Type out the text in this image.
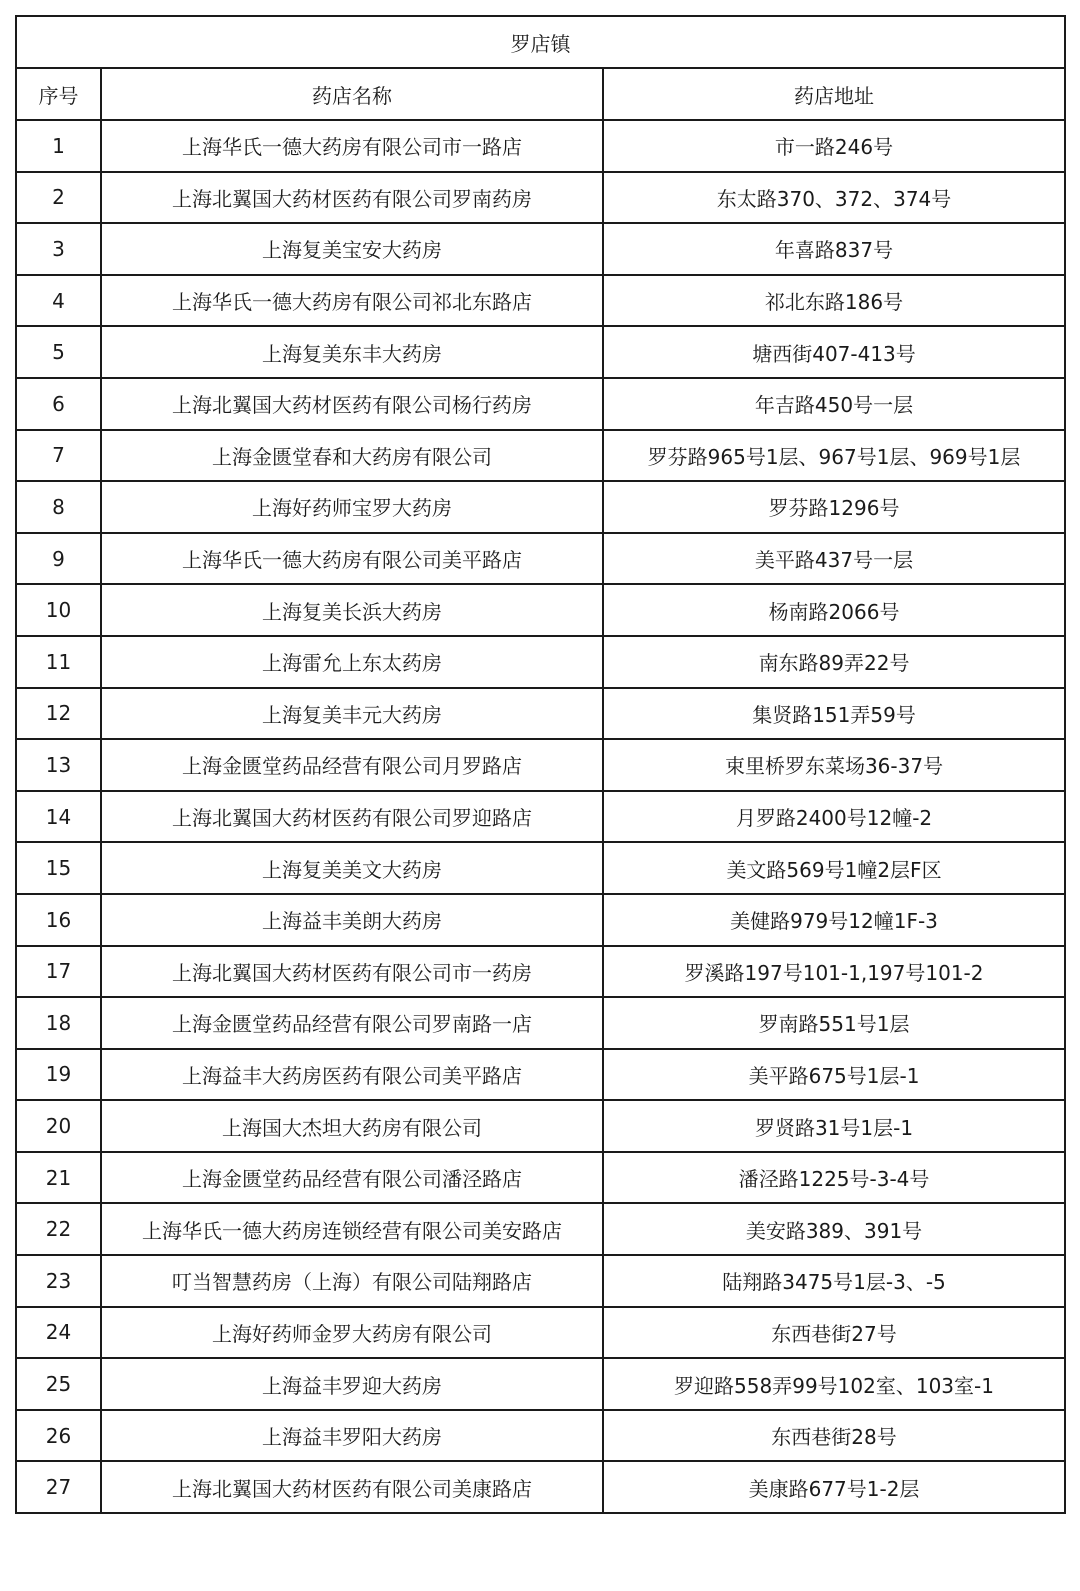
罗店镇		
序号	药店名称	药店地址
1	上海华氏一德大药房有限公司市一路店	市一路246号
2	上海北翼国大药材医药有限公司罗南药房	东太路370、372、374号
3	上海复美宝安大药房	年喜路837号
4	上海华氏一德大药房有限公司祁北东路店	祁北东路186号
5	上海复美东丰大药房	塘西街407-413号
6	上海北翼国大药材医药有限公司杨行药房	年吉路450号一层
7	上海金匮堂春和大药房有限公司	罗芬路965号1层、967号1层、969号1层
8	上海好药师宝罗大药房	罗芬路1296号
9	上海华氏一德大药房有限公司美平路店	美平路437号一层
10	上海复美长浜大药房	杨南路2066号
11	上海雷允上东太药房	南东路89弄22号
12	上海复美丰元大药房	集贤路151弄59号
13	上海金匮堂药品经营有限公司月罗路店	束里桥罗东菜场36-37号
14	上海北翼国大药材医药有限公司罗迎路店	月罗路2400号12幢-2
15	上海复美美文大药房	美文路569号1幢2层F区
16	上海益丰美朗大药房	美健路979号12幢1F-3
17	上海北翼国大药材医药有限公司市一药房	罗溪路197号101-1,197号101-2
18	上海金匮堂药品经营有限公司罗南路一店	罗南路551号1层
19	上海益丰大药房医药有限公司美平路店	美平路675号1层-1
20	上海国大杰坦大药房有限公司	罗贤路31号1层-1
21	上海金匮堂药品经营有限公司潘泾路店	潘泾路1225号-3-4号
22	上海华氏一德大药房连锁经营有限公司美安路店	美安路389、391号
23	叮当智慧药房（上海）有限公司陆翔路店	陆翔路3475号1层-3、-5
24	上海好药师金罗大药房有限公司	东西巷街27号
25	上海益丰罗迎大药房	罗迎路558弄99号102室、103室-1
26	上海益丰罗阳大药房	东西巷街28号
27	上海北翼国大药材医药有限公司美康路店	美康路677号1-2层
